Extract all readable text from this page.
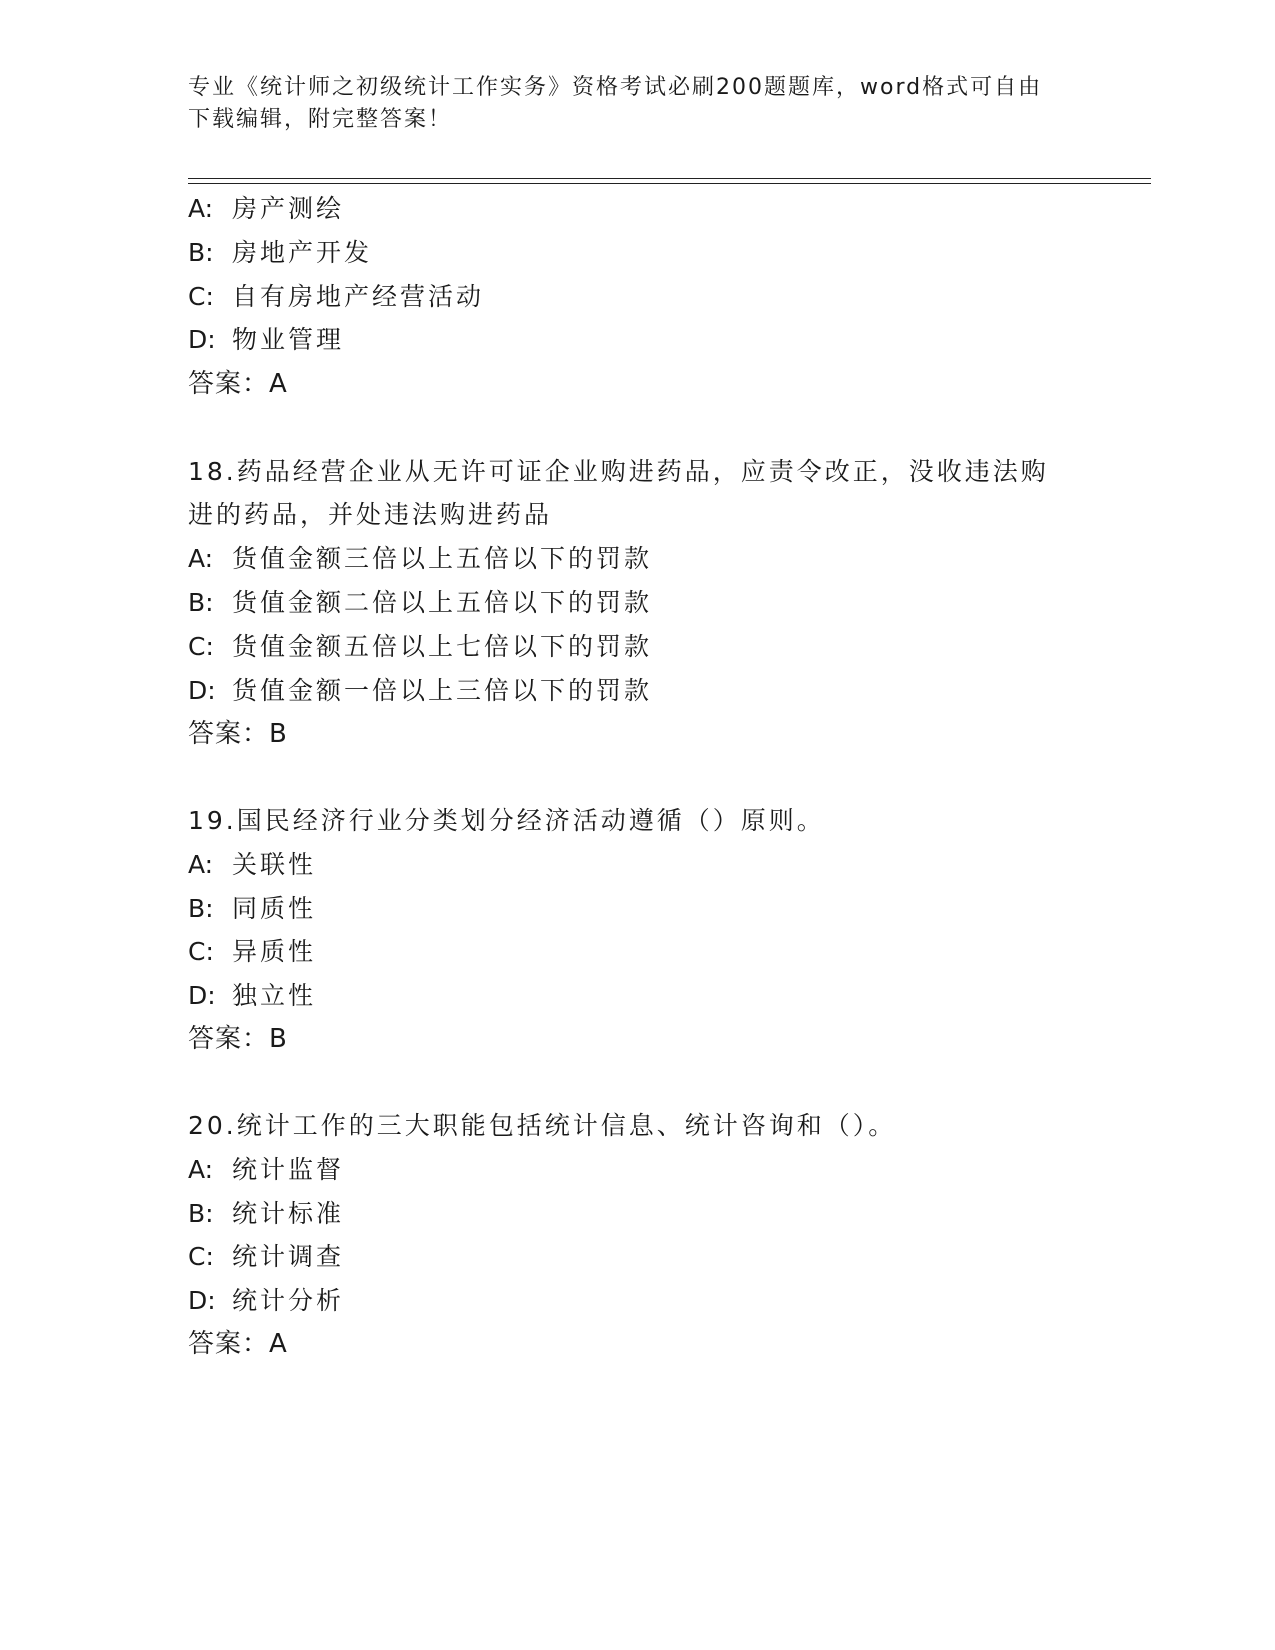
专业《统计师之初级统计工作实务》资格考试必刷200题题库，word格式可自由
下载编辑，附完整答案！
A: 房产测绘
B: 房地产开发
C: 自有房地产经营活动
D: 物业管理
答案：A
18.药品经营企业从无许可证企业购进药品，应责令改正，没收违法购
进的药品，并处违法购进药品
A: 货值金额三倍以上五倍以下的罚款
B: 货值金额二倍以上五倍以下的罚款
C: 货值金额五倍以上七倍以下的罚款
D: 货值金额一倍以上三倍以下的罚款
答案：B
19.国民经济行业分类划分经济活动遵循（）原则。
A: 关联性
B: 同质性
C: 异质性
D: 独立性
答案：B
20.统计工作的三大职能包括统计信息、统计咨询和（）。
A: 统计监督
B: 统计标准
C: 统计调查
D: 统计分析
答案：A
